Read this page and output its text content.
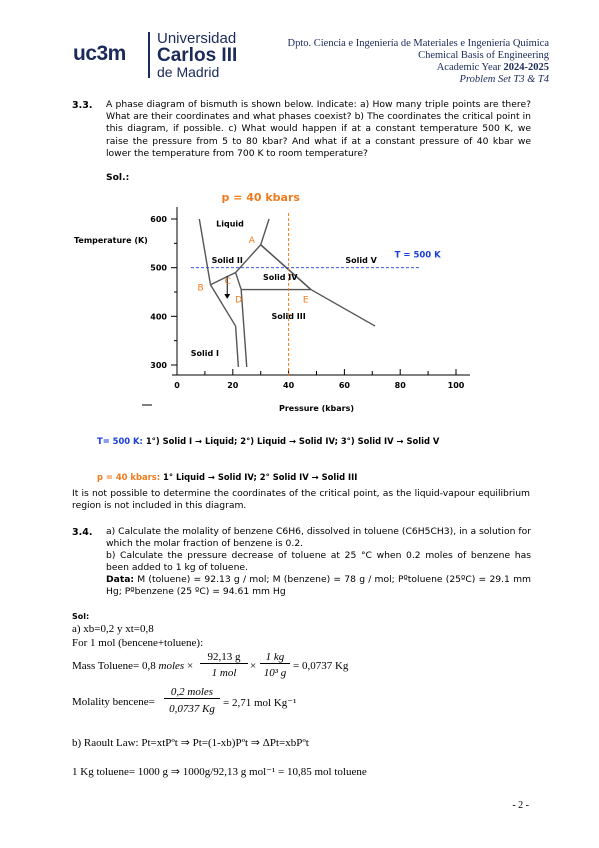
uc3m
Universidad
Carlos III
de Madrid
Dpto. Ciencia e Ingeniería de Materiales e Ingeniería Química
Chemical Basis of Engineering
Academic Year 2024-2025
Problem Set T3 & T4
3.3. A phase diagram of bismuth is shown below. Indicate: a) How many triple points are there? What are their coordinates and what phases coexist? b) The coordinates the critical point in this diagram, if possible. c) What would happen if at a constant temperature 500 K, we raise the pressure from 5 to 80 kbar? And what if at a constant pressure of 40 kbar we lower the temperature from 700 K to room temperature?
Sol.:
p = 40 kbars
300
400
500
600
0	20	40	60	80	100
Pressure (kbars)
Temperature (K)
T = 500 K
Liquid
Solid II	Solid V
Solid IV
Solid III
Solid I
A
B
C
D	E
T= 500 K: 1°) Solid I → Liquid; 2°) Liquid → Solid IV; 3°) Solid IV → Solid V
p = 40 kbars: 1° Liquid → Solid IV; 2° Solid IV → Solid III
It is not possible to determine the coordinates of the critical point, as the liquid-vapour equilibrium region is not included in this diagram.
3.4. a) Calculate the molality of benzene C6H6, dissolved in toluene (C6H5CH3), in a solution for which the molar fraction of benzene is 0.2.
b) Calculate the pressure decrease of toluene at 25 °C when 0.2 moles of benzene has been added to 1 kg of toluene.
Data: M (toluene) = 92.13 g / mol; M (benzene) = 78 g / mol; Pºtoluene (25ºC) = 29.1 mm Hg; Pºbenzene (25 ºC) = 94.61 mm Hg
Sol:
a) xb=0,2 y xt=0,8
For 1 mol (bencene+toluene):
Mass Toluene= 0,8 moles ×
92,13 g
1 mol
×
1 kg
10³ g
= 0,0737 Kg
Molality bencene=
0,2 moles
0,0737 Kg = 2,71 mol Kg⁻¹
b) Raoult Law: Pt=xtPºt ⇒ Pt=(1-xb)Pºt ⇒ ΔPt=xbPºt
1 Kg toluene= 1000 g ⇒ 1000g/92,13 g mol⁻¹ = 10,85 mol toluene
- 2 -
